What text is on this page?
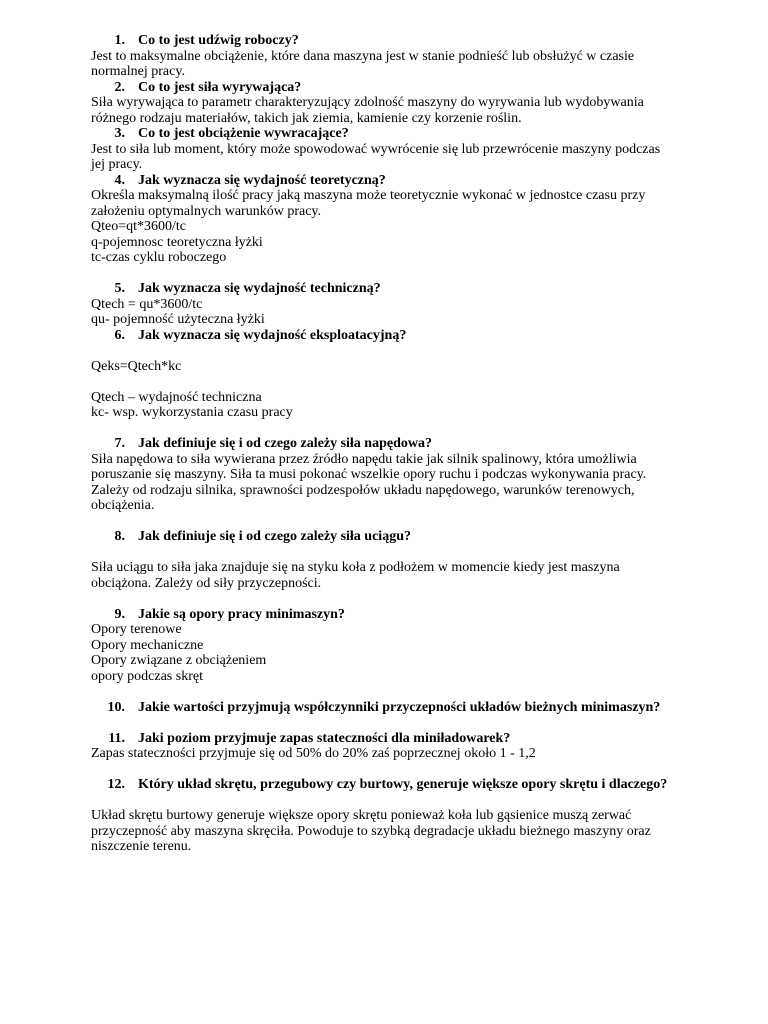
1. Co to jest udźwig roboczy?
Jest to maksymalne obciążenie, które dana maszyna jest w stanie podnieść lub obsłużyć w czasie
normalnej pracy.
2. Co to jest siła wyrywająca?
Siła wyrywająca to parametr charakteryzujący zdolność maszyny do wyrywania lub wydobywania
różnego rodzaju materiałów, takich jak ziemia, kamienie czy korzenie roślin.
3. Co to jest obciążenie wywracające?
Jest to siła lub moment, który może spowodować wywrócenie się lub przewrócenie maszyny podczas
jej pracy.
4. Jak wyznacza się wydajność teoretyczną?
Określa maksymalną ilość pracy jaką maszyna może teoretycznie wykonać w jednostce czasu przy
założeniu optymalnych warunków pracy.
Qteo=qt*3600/tc
q-pojemnosc teoretyczna łyżki
tc-czas cyklu roboczego
5. Jak wyznacza się wydajność techniczną?
Qtech = qu*3600/tc
qu- pojemność użyteczna łyżki
6. Jak wyznacza się wydajność eksploatacyjną?
Qeks=Qtech*kc
Qtech – wydajność techniczna
kc- wsp. wykorzystania czasu pracy
7. Jak definiuje się i od czego zależy siła napędowa?
Siła napędowa to siła wywierana przez źródło napędu takie jak silnik spalinowy, która umożliwia
poruszanie się maszyny. Siła ta musi pokonać wszelkie opory ruchu i podczas wykonywania pracy.
Zależy od rodzaju silnika, sprawności podzespołów układu napędowego, warunków terenowych,
obciążenia.
8. Jak definiuje się i od czego zależy siła uciągu?
Siła uciągu to siła jaka znajduje się na styku koła z podłożem w momencie kiedy jest maszyna
obciążona. Zależy od siły przyczepności.
9. Jakie są opory pracy minimaszyn?
Opory terenowe
Opory mechaniczne
Opory związane z obciążeniem
opory podczas skręt
10. Jakie wartości przyjmują współczynniki przyczepności układów bieżnych minimaszyn?
11. Jaki poziom przyjmuje zapas stateczności dla miniładowarek?
Zapas stateczności przyjmuje się od 50% do 20% zaś poprzecznej około 1 - 1,2
12. Który układ skrętu, przegubowy czy burtowy, generuje większe opory skrętu i dlaczego?
Układ skrętu burtowy generuje większe opory skrętu ponieważ koła lub gąsienice muszą zerwać
przyczepność aby maszyna skręciła. Powoduje to szybką degradacje układu bieżnego maszyny oraz
niszczenie terenu.
